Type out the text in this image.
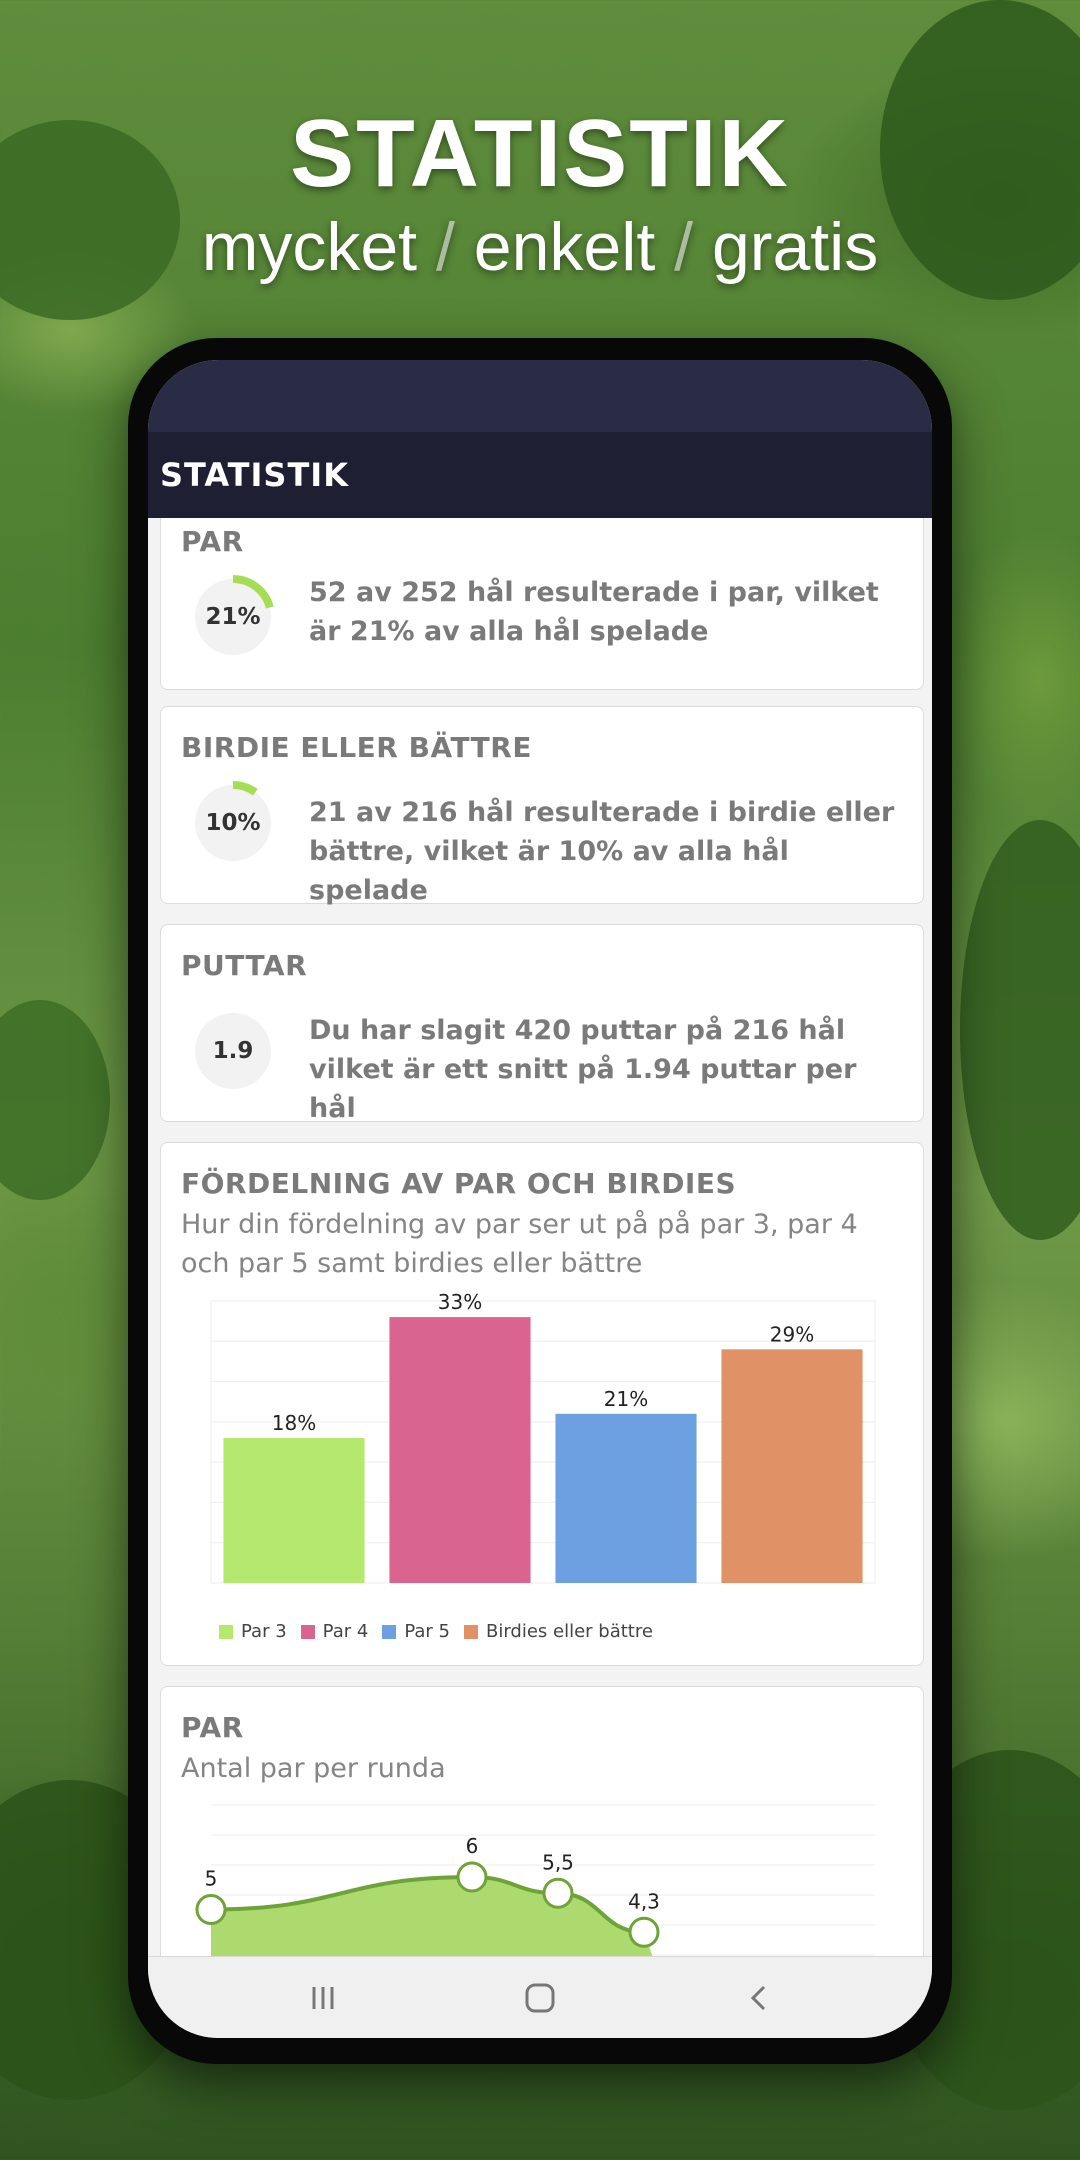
STATISTIK
mycket / enkelt / gratis
STATISTIK
PAR
21%
52 av 252 hål resulterade i par, vilket är 21% av alla hål spelade
BIRDIE ELLER BÄTTRE
10%	21 av 216 hål resulterade i birdie eller bättre, vilket är 10% av alla hål spelade
PUTTAR
1.9
Du har slagit 420 puttar på 216 hål vilket är ett snitt på 1.94 puttar per hål
FÖRDELNING AV PAR OCH BIRDIES
Hur din fördelning av par ser ut på på par 3, par 4 och par 5 samt birdies eller bättre
18%
33%
21%
29%
Par 3 Par 4 Par 5 Birdies eller bättre
PAR
Antal par per runda
5
6
5,5
4,3
